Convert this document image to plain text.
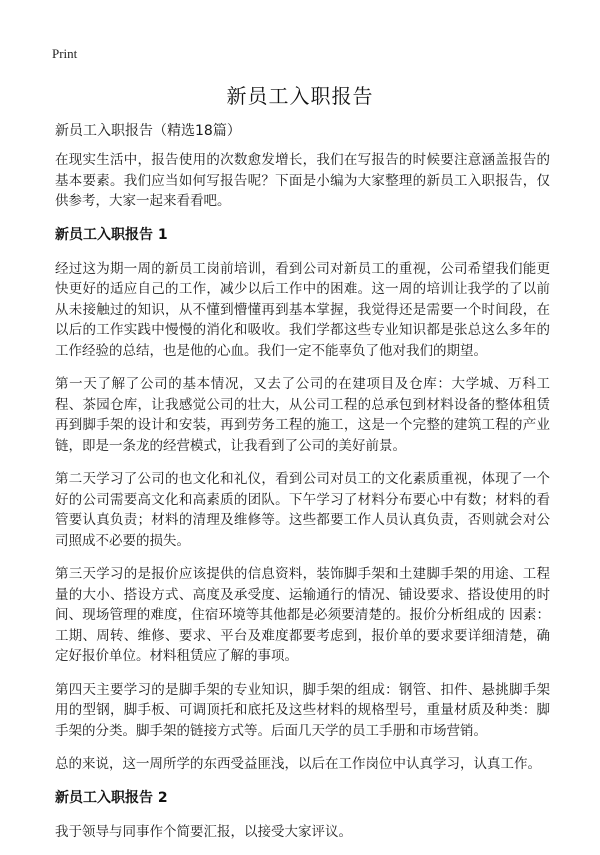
Print
新员工入职报告
新员工入职报告（精选18篇）

在现实生活中，报告使用的次数愈发增长，我们在写报告的时候要注意涵盖报告的基本要素。我们应当如何写报告呢？下面是小编为大家整理的新员工入职报告，仅供参考，大家一起来看看吧。

新员工入职报告 1

经过这为期一周的新员工岗前培训，看到公司对新员工的重视，公司希望我们能更快更好的适应自己的工作，减少以后工作中的困难。这一周的培训让我学的了以前从未接触过的知识，从不懂到懵懂再到基本掌握，我觉得还是需要一个时间段，在以后的工作实践中慢慢的消化和吸收。我们学都这些专业知识都是张总这么多年的工作经验的总结，也是他的心血。我们一定不能辜负了他对我们的期望。

第一天了解了公司的基本情况，又去了公司的在建项目及仓库：大学城、万科工程、茶园仓库，让我感觉公司的壮大，从公司工程的总承包到材料设备的整体租赁再到脚手架的设计和安装，再到劳务工程的施工，这是一个完整的建筑工程的产业链，即是一条龙的经营模式，让我看到了公司的美好前景。

第二天学习了公司的也文化和礼仪，看到公司对员工的文化素质重视，体现了一个好的公司需要高文化和高素质的团队。下午学习了材料分布要心中有数；材料的看管要认真负责；材料的清理及维修等。这些都要工作人员认真负责，否则就会对公司照成不必要的损失。

第三天学习的是报价应该提供的信息资料，装饰脚手架和土建脚手架的用途、工程量的大小、搭设方式、高度及承受度、运输通行的情况、铺设要求、搭设使用的时间、现场管理的难度，住宿环境等其他都是必须要清楚的。报价分析组成的 因素：工期、周转、维修、要求、平台及难度都要考虑到，报价单的要求要详细清楚，确定好报价单位。材料租赁应了解的事项。

第四天主要学习的是脚手架的专业知识，脚手架的组成：钢管、扣件、悬挑脚手架用的型钢，脚手板、可调顶托和底托及这些材料的规格型号，重量材质及种类：脚手架的分类。脚手架的链接方式等。后面几天学的员工手册和市场营销。

总的来说，这一周所学的东西受益匪浅，以后在工作岗位中认真学习，认真工作。

新员工入职报告 2

我于领导与同事作个简要汇报，以接受大家评议。
